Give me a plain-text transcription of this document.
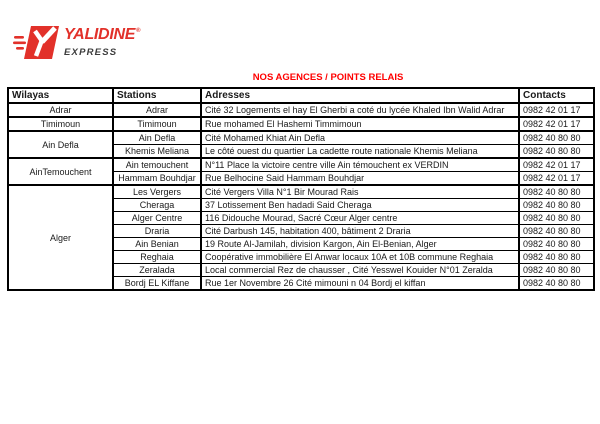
YALIDINE®
EXPRESS
NOS AGENCES / POINTS RELAIS
Wilayas	Stations	Adresses	Contacts
Adrar	Adrar	Cité 32 Logements el hay El Gherbi a coté du lycée Khaled Ibn Walid Adrar	0982 42 01 17
Timimoun	Timimoun	Rue mohamed El Hashemi Timmimoun	0982 42 01 17
Ain Defla	Ain Defla	Cité Mohamed Khiat Ain Defla	0982 40 80 80
	Khemis Meliana	Le côté ouest du quartier La cadette route nationale Khemis Meliana	0982 40 80 80
AinTemouchent	Ain temouchent	N°11 Place la victoire centre ville Ain témouchent ex VERDIN	0982 42 01 17
	Hammam Bouhdjar	Rue Belhocine Said Hammam Bouhdjar	0982 42 01 17
Alger	Les Vergers	Cité Vergers Villa N°1 Bir Mourad Rais	0982 40 80 80
	Cheraga	37 Lotissement Ben hadadi Said Cheraga	0982 40 80 80
	Alger Centre	116 Didouche Mourad, Sacré Cœur Alger centre	0982 40 80 80
	Draria	Cité Darbush 145, habitation 400, bâtiment 2 Draria	0982 40 80 80
	Ain Benian	19 Route Al-Jamilah, division Kargon, Ain El-Benian, Alger	0982 40 80 80
	Reghaia	Coopérative immobilière El Anwar locaux 10A et 10B commune Reghaia	0982 40 80 80
	Zeralada	Local commercial Rez de chausser , Cité Yesswel Kouider N°01 Zeralda	0982 40 80 80
	Bordj EL Kiffane	Rue 1er Novembre 26 Cité mimouni n 04 Bordj el kiffan	0982 40 80 80
